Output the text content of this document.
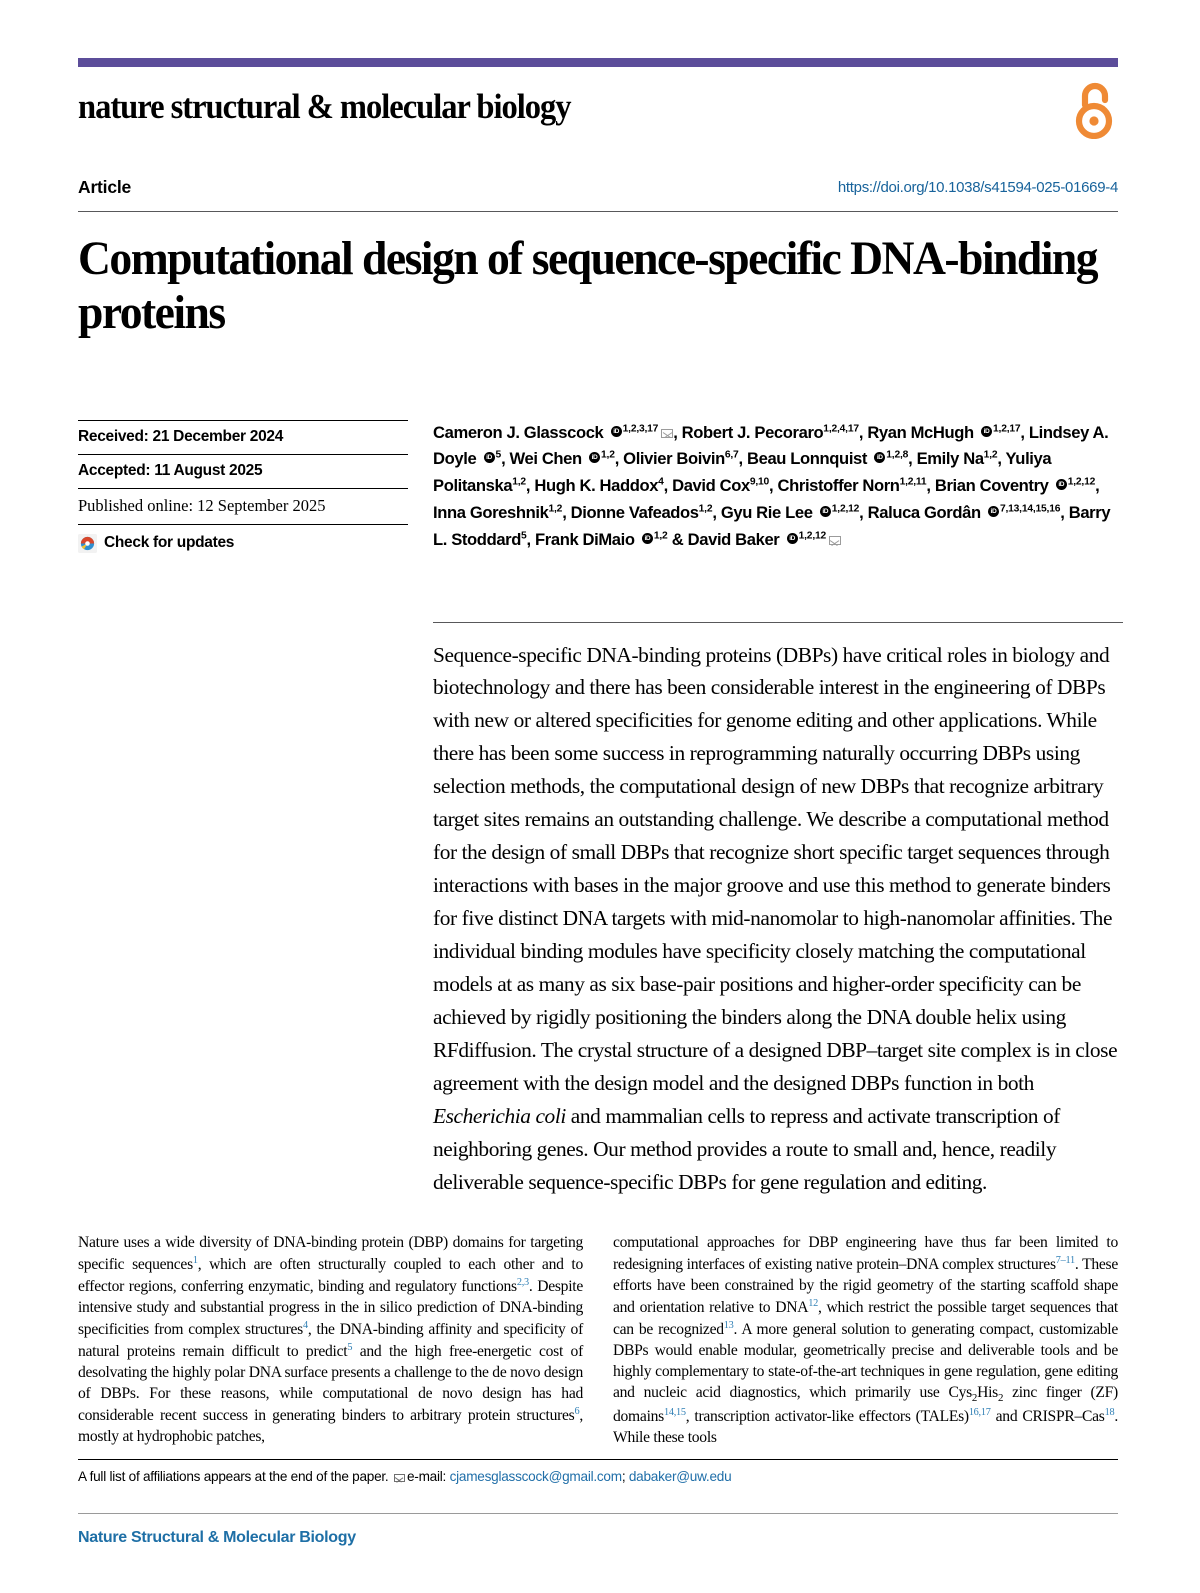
nature structural & molecular biology
Article	https://doi.org/10.1038/s41594-025-01669-4
Computational design of sequence-specific DNA-binding proteins
Received: 21 December 2024
Accepted: 11 August 2025
Published online: 12 September 2025
Check for updates
Cameron J. Glasscock iD$^{1,2,3,17}$ , Robert J. Pecoraro$^{1,2,4,17}$, Ryan McHugh iD$^{1,2,17}$, Lindsey A. Doyle $iD^5$, Wei Chen iD$^{1,2}$, Olivier Boivin$^{6,7}$, Beau Lonnquist iD$^{1,2,8}$, Emily Na$^{1,2}$, Yuliya Politanska$^{1,2}$, Hugh K. Haddox$^4$, David Cox$^{9,10}$, Christoffer Norn$^{1,2,11}$, Brian Coventry iD$^{1,2,12}$, Inna Goreshnik$^{1,2}$, Dionne Vafeados$^{1,2}$, Gyu Rie Lee iD$^{1,2,12}$, Raluca Gordân iD$^{7,13,14,15,16}$, Barry L. Stoddard$^5$, Frank DiMaio iD$^{1,2}$ & David Baker iD$^{1,2,12}$
Sequence-specific DNA-binding proteins (DBPs) have critical roles in biology and biotechnology and there has been considerable interest in the engineering of DBPs with new or altered specificities for genome editing and other applications. While there has been some success in reprogramming naturally occurring DBPs using selection methods, the computational design of new DBPs that recognize arbitrary target sites remains an outstanding challenge. We describe a computational method for the design of small DBPs that recognize short specific target sequences through interactions with bases in the major groove and use this method to generate binders for five distinct DNA targets with mid-nanomolar to high-nanomolar affinities. The individual binding modules have specificity closely matching the computational models at as many as six base-pair positions and higher-order specificity can be achieved by rigidly positioning the binders along the DNA double helix using RFdiffusion. The crystal structure of a designed DBP–target site complex is in close agreement with the design model and the designed DBPs function in both Escherichia coli and mammalian cells to repress and activate transcription of neighboring genes. Our method provides a route to small and, hence, readily deliverable sequence-specific DBPs for gene regulation and editing.
Nature uses a wide diversity of DNA-binding protein (DBP) domains for targeting specific sequences$^1$, which are often structurally coupled to each other and to effector regions, conferring enzymatic, binding and regulatory functions$^{2,3}$. Despite intensive study and substantial progress in the in silico prediction of DNA-binding specificities from complex structures$^4$, the DNA-binding affinity and specificity of natural proteins remain difficult to predict$^5$ and the high free-energetic cost of desolvating the highly polar DNA surface presents a challenge to the de novo design of DBPs. For these reasons, while computational de novo design has had considerable recent success in generating binders to arbitrary protein structures$^6$, mostly at hydrophobic patches,
computational approaches for DBP engineering have thus far been limited to redesigning interfaces of existing native protein–DNA complex structures$^{7-11}$. These efforts have been constrained by the rigid geometry of the starting scaffold shape and orientation relative to DNA$^{12}$, which restrict the possible target sequences that can be recognized$^{13}$. A more general solution to generating compact, customizable DBPs would enable modular, geometrically precise and deliverable tools and be highly complementary to state-of-the-art techniques in gene regulation, gene editing and nucleic acid diagnostics, which primarily use Cys$_2$His$_2$ zinc finger (ZF) domains$^{14,15}$, transcription activator-like effectors (TALEs)$^{16,17}$ and CRISPR–Cas$^{18}$. While these tools
A full list of affiliations appears at the end of the paper. e-mail: cjamesglasscock@gmail.com; dabaker@uw.edu
Nature Structural & Molecular Biology
